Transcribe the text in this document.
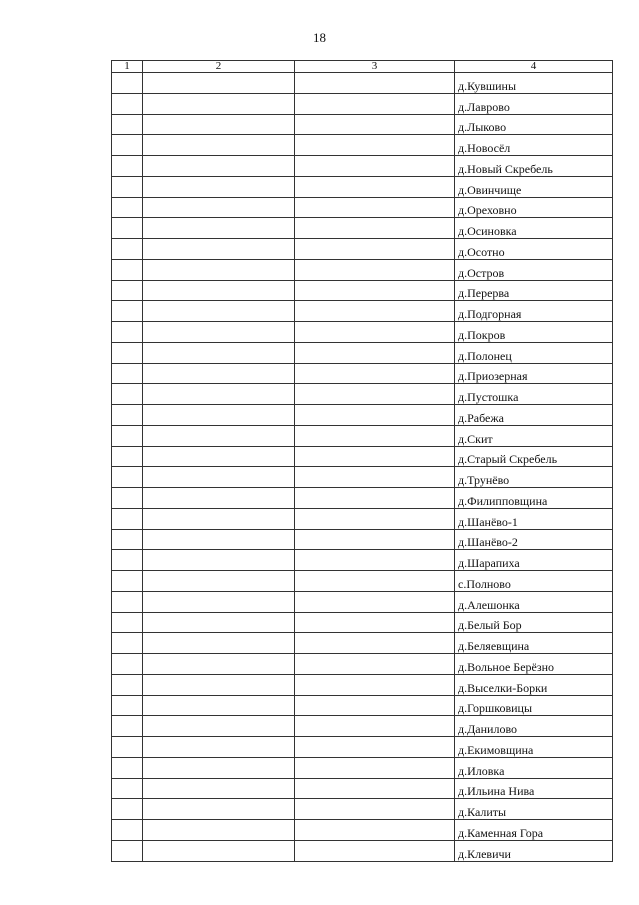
18
1	2	3	4
			д.Кувшины
			д.Лаврово
			д.Лыково
			д.Новосёл
			д.Новый Скребель
			д.Овинчище
			д.Ореховно
			д.Осиновка
			д.Осотно
			д.Остров
			д.Перерва
			д.Подгорная
			д.Покров
			д.Полонец
			д.Приозерная
			д.Пустошка
			д.Рабежа
			д.Скит
			д.Старый Скребель
			д.Трунёво
			д.Филипповщина
			д.Шанёво-1
			д.Шанёво-2
			д.Шарапиха
			с.Полново
			д.Алешонка
			д.Белый Бор
			д.Беляевщина
			д.Вольное Берёзно
			д.Выселки-Борки
			д.Горшковицы
			д.Данилово
			д.Екимовщина
			д.Иловка
			д.Ильина Нива
			д.Калиты
			д.Каменная Гора
			д.Клевичи
